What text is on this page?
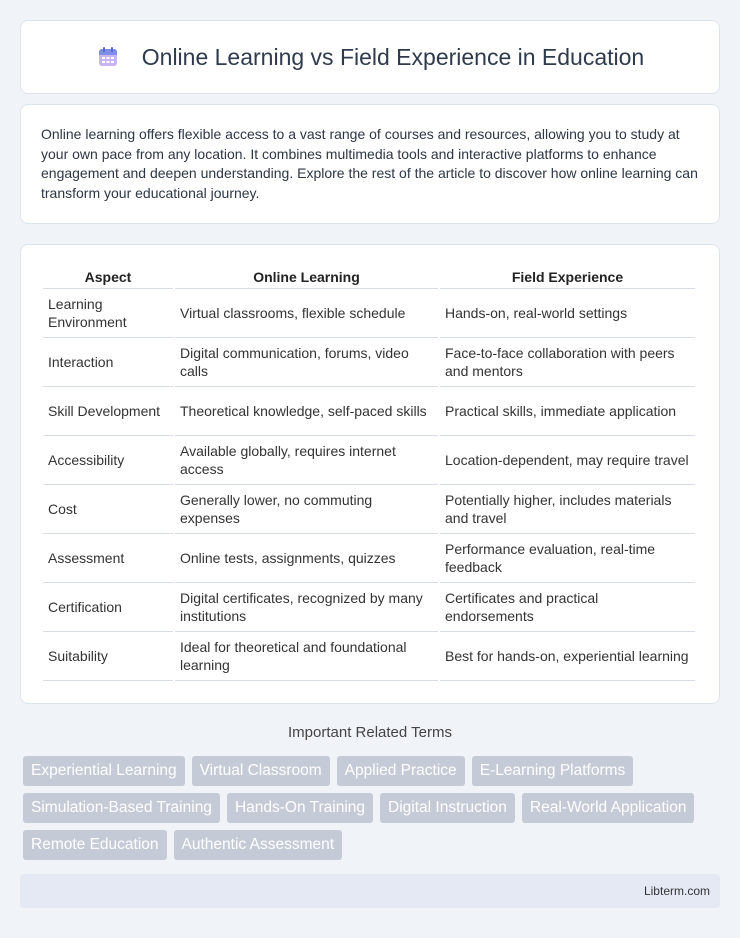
Online Learning vs Field Experience in Education

Online learning offers flexible access to a vast range of courses and resources, allowing you to study at your own pace from any location. It combines multimedia tools and interactive platforms to enhance engagement and deepen understanding. Explore the rest of the article to discover how online learning can transform your educational journey.

Aspect	Online Learning	Field Experience
Learning Environment	Virtual classrooms, flexible schedule	Hands-on, real-world settings
Interaction	Digital communication, forums, video calls	Face-to-face collaboration with peers and mentors
Skill Development	Theoretical knowledge, self-paced skills	Practical skills, immediate application
Accessibility	Available globally, requires internet access	Location-dependent, may require travel
Cost	Generally lower, no commuting expenses	Potentially higher, includes materials and travel
Assessment	Online tests, assignments, quizzes	Performance evaluation, real-time feedback
Certification	Digital certificates, recognized by many institutions	Certificates and practical endorsements
Suitability	Ideal for theoretical and foundational learning	Best for hands-on, experiential learning
Important Related Terms
Experiential Learning	Virtual Classroom	Applied Practice	E-Learning Platforms
Simulation-Based Training	Hands-On Training	Digital Instruction	Real-World Application
Remote Education	Authentic Assessment
Libterm.com
